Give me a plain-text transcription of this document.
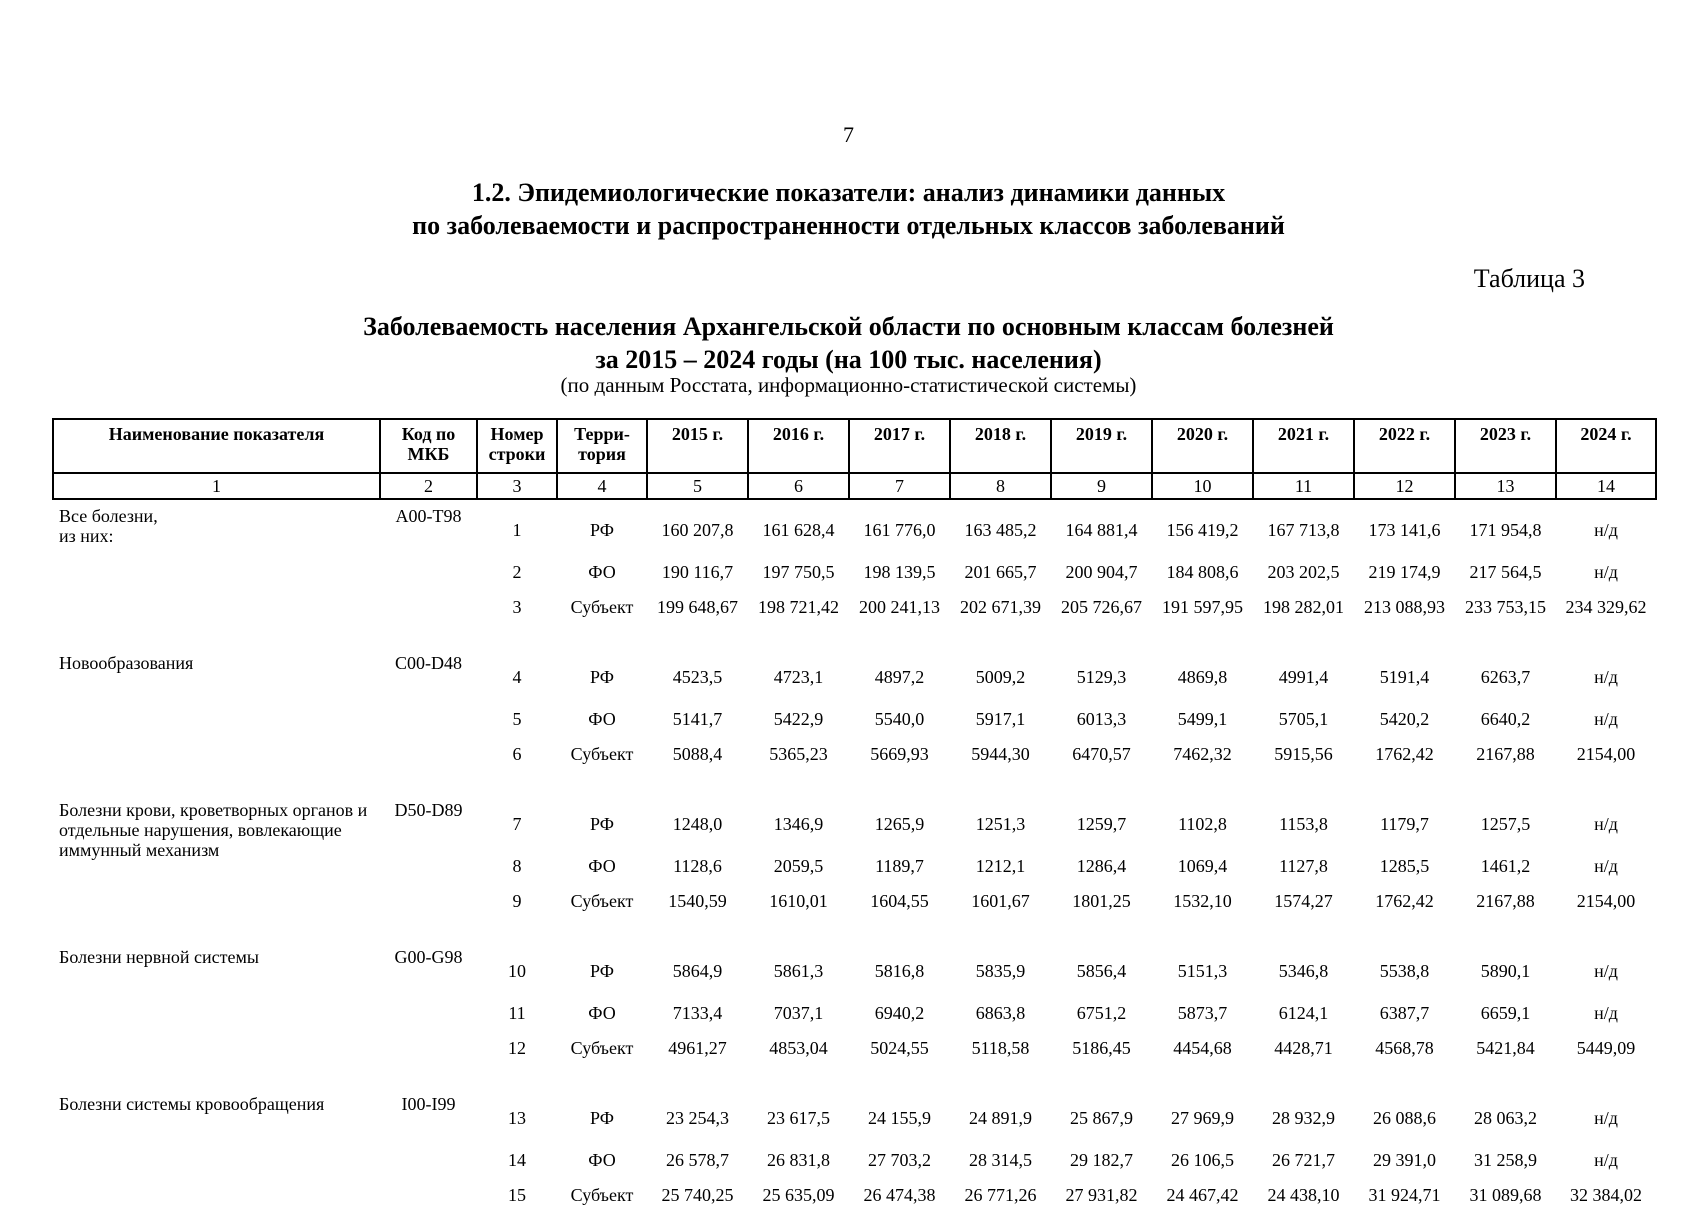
7
1.2. Эпидемиологические показатели: анализ динамики данных
по заболеваемости и распространенности отдельных классов заболеваний
Таблица 3
Заболеваемость населения Архангельской области по основным классам болезней
за 2015 – 2024 годы (на 100 тыс. населения)
(по данным Росстата, информационно-статистической системы)
Наименование показателя	Код по МКБ	Номер строки	Терри-тория	2015 г.	2016 г.	2017 г.	2018 г.	2019 г.	2020 г.	2021 г.	2022 г.	2023 г.	2024 г.
1	2	3	4	5	6	7	8	9	10	11	12	13	14
Все болезни,
из них:	A00-T98	1	РФ	160 207,8	161 628,4	161 776,0	163 485,2	164 881,4	156 419,2	167 713,8	173 141,6	171 954,8	н/д
		2	ФО	190 116,7	197 750,5	198 139,5	201 665,7	200 904,7	184 808,6	203 202,5	219 174,9	217 564,5	н/д
		3	Субъект	199 648,67	198 721,42	200 241,13	202 671,39	205 726,67	191 597,95	198 282,01	213 088,93	233 753,15	234 329,62

Новообразования	C00-D48	4	РФ	4523,5	4723,1	4897,2	5009,2	5129,3	4869,8	4991,4	5191,4	6263,7	н/д
		5	ФО	5141,7	5422,9	5540,0	5917,1	6013,3	5499,1	5705,1	5420,2	6640,2	н/д
		6	Субъект	5088,4	5365,23	5669,93	5944,30	6470,57	7462,32	5915,56	1762,42	2167,88	2154,00

Болезни крови, кроветворных органов и отдельные нарушения, вовлекающие иммунный механизм	D50-D89	7	РФ	1248,0	1346,9	1265,9	1251,3	1259,7	1102,8	1153,8	1179,7	1257,5	н/д
		8	ФО	1128,6	2059,5	1189,7	1212,1	1286,4	1069,4	1127,8	1285,5	1461,2	н/д
		9	Субъект	1540,59	1610,01	1604,55	1601,67	1801,25	1532,10	1574,27	1762,42	2167,88	2154,00

Болезни нервной системы	G00-G98	10	РФ	5864,9	5861,3	5816,8	5835,9	5856,4	5151,3	5346,8	5538,8	5890,1	н/д
		11	ФО	7133,4	7037,1	6940,2	6863,8	6751,2	5873,7	6124,1	6387,7	6659,1	н/д
		12	Субъект	4961,27	4853,04	5024,55	5118,58	5186,45	4454,68	4428,71	4568,78	5421,84	5449,09

Болезни системы кровообращения	I00-I99	13	РФ	23 254,3	23 617,5	24 155,9	24 891,9	25 867,9	27 969,9	28 932,9	26 088,6	28 063,2	н/д
		14	ФО	26 578,7	26 831,8	27 703,2	28 314,5	29 182,7	26 106,5	26 721,7	29 391,0	31 258,9	н/д
		15	Субъект	25 740,25	25 635,09	26 474,38	26 771,26	27 931,82	24 467,42	24 438,10	31 924,71	31 089,68	32 384,02
